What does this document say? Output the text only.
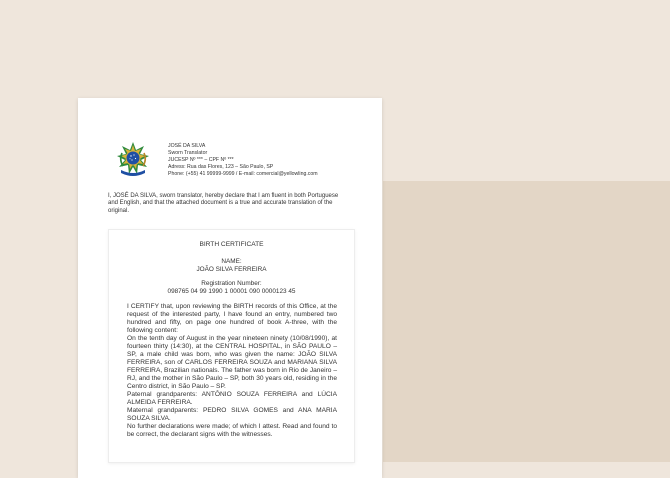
JOSÉ DA SILVA
Sworn Translator
JUCESP Nº *** – CPF Nº ***
Adress: Rua das Flores, 123 – São Paulo, SP
Phone: (+55) 41 99999-9999 / E-mail: comercial@yellowling.com
I, JOSÉ DA SILVA, sworn translator, hereby declare that I am fluent in both Portuguese and English, and that the attached document is a true and accurate translation of the original.
BIRTH CERTIFICATE
NAME:
JOÃO SILVA FERREIRA
Registration Number:
098765 04 99 1990 1 00001 090 0000123 45

I CERTIFY that, upon reviewing the BIRTH records of this Office, at the request of the interested party, I have found an entry, numbered two hundred and fifty, on page one hundred of book A-three, with the following content:

On the tenth day of August in the year nineteen ninety (10/08/1990), at fourteen thirty (14:30), at the CENTRAL HOSPITAL, in SÃO PAULO – SP, a male child was born, who was given the name: JOÃO SILVA FERREIRA, son of CARLOS FERREIRA SOUZA and MARIANA SILVA FERREIRA, Brazilian nationals. The father was born in Rio de Janeiro – RJ, and the mother in São Paulo – SP, both 30 years old, residing in the Centro district, in São Paulo – SP.

Paternal grandparents: ANTÔNIO SOUZA FERREIRA and LÚCIA ALMEIDA FERREIRA.

Maternal grandparents: PEDRO SILVA GOMES and ANA MARIA SOUZA SILVA.

No further declarations were made; of which I attest. Read and found to be correct, the declarant signs with the witnesses.
